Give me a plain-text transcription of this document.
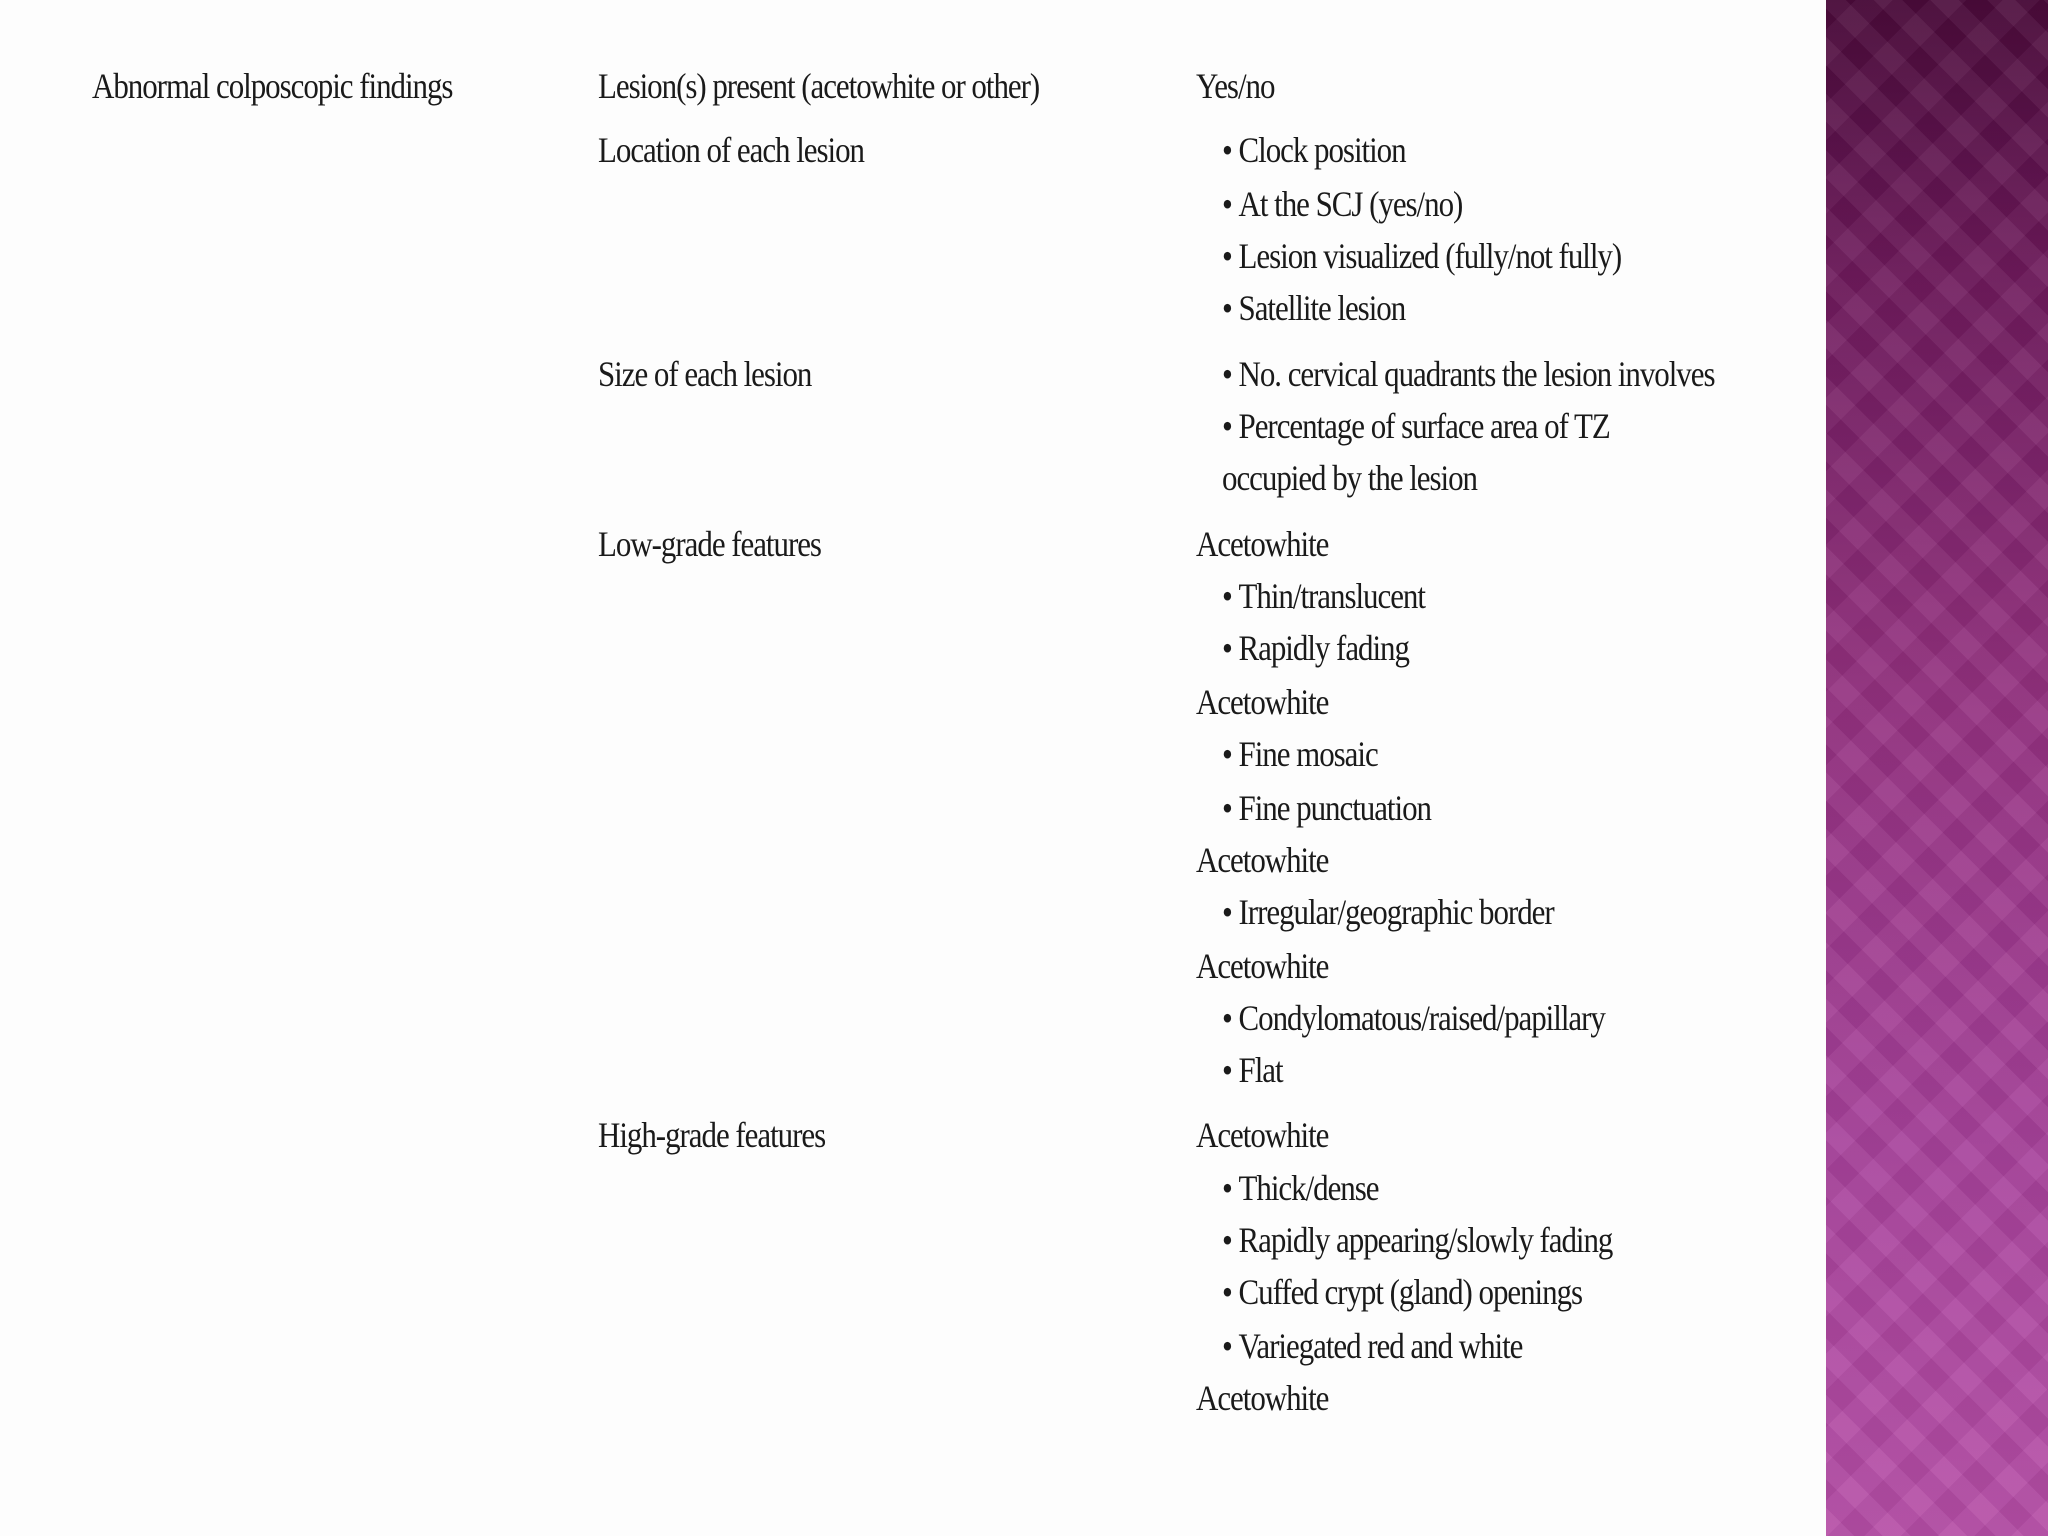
Abnormal colposcopic findings	Lesion(s) present (acetowhite or other)
Location of each lesion
Size of each lesion
Low-grade features
High-grade features
Yes/no
• Clock position
• At the SCJ (yes/no)
• Lesion visualized (fully/not fully)
• Satellite lesion
• No. cervical quadrants the lesion involves
• Percentage of surface area of TZ
occupied by the lesion
Acetowhite
• Thin/translucent
• Rapidly fading
Acetowhite
• Fine mosaic
• Fine punctuation
Acetowhite
• Irregular/geographic border
Acetowhite
• Condylomatous/raised/papillary
• Flat
Acetowhite
• Thick/dense
• Rapidly appearing/slowly fading
• Cuffed crypt (gland) openings
• Variegated red and white
Acetowhite
